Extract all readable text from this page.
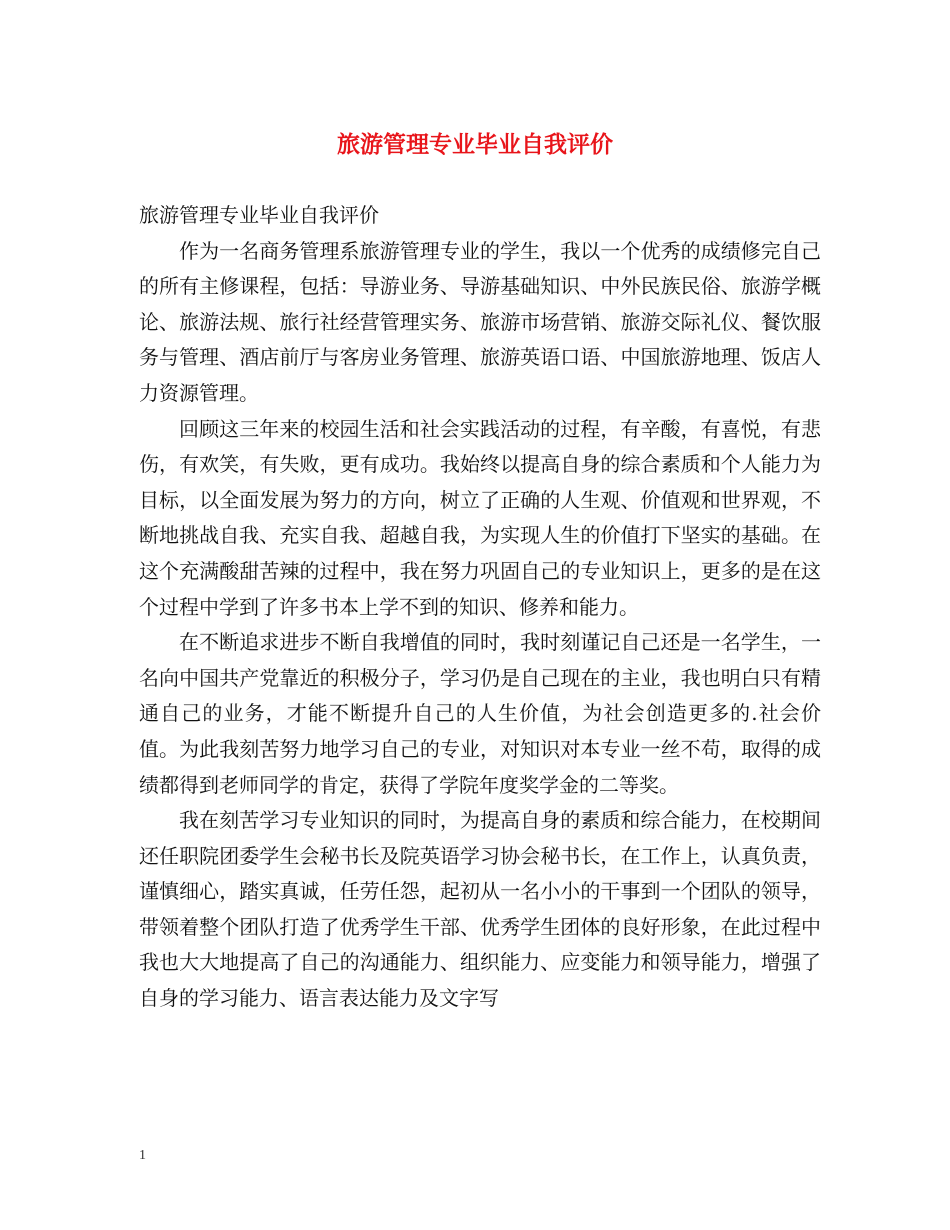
旅游管理专业毕业自我评价

旅游管理专业毕业自我评价

作为一名商务管理系旅游管理专业的学生，我以一个优秀的成绩修完自己的所有主修课程，包括：导游业务、导游基础知识、中外民族民俗、旅游学概论、旅游法规、旅行社经营管理实务、旅游市场营销、旅游交际礼仪、餐饮服务与管理、酒店前厅与客房业务管理、旅游英语口语、中国旅游地理、饭店人力资源管理。

回顾这三年来的校园生活和社会实践活动的过程，有辛酸，有喜悦，有悲伤，有欢笑，有失败，更有成功。我始终以提高自身的综合素质和个人能力为目标，以全面发展为努力的方向，树立了正确的人生观、价值观和世界观，不断地挑战自我、充实自我、超越自我，为实现人生的价值打下坚实的基础。在这个充满酸甜苦辣的过程中，我在努力巩固自己的专业知识上，更多的是在这个过程中学到了许多书本上学不到的知识、修养和能力。

在不断追求进步不断自我增值的同时，我时刻谨记自己还是一名学生，一名向中国共产党靠近的积极分子，学习仍是自己现在的主业，我也明白只有精通自己的业务，才能不断提升自己的人生价值，为社会创造更多的.社会价值。为此我刻苦努力地学习自己的专业，对知识对本专业一丝不苟，取得的成绩都得到老师同学的肯定，获得了学院年度奖学金的二等奖。

我在刻苦学习专业知识的同时，为提高自身的素质和综合能力，在校期间还任职院团委学生会秘书长及院英语学习协会秘书长，在工作上，认真负责，谨慎细心，踏实真诚，任劳任怨，起初从一名小小的干事到一个团队的领导，带领着整个团队打造了优秀学生干部、优秀学生团体的良好形象，在此过程中我也大大地提高了自己的沟通能力、组织能力、应变能力和领导能力，增强了自身的学习能力、语言表达能力及文字写

1
